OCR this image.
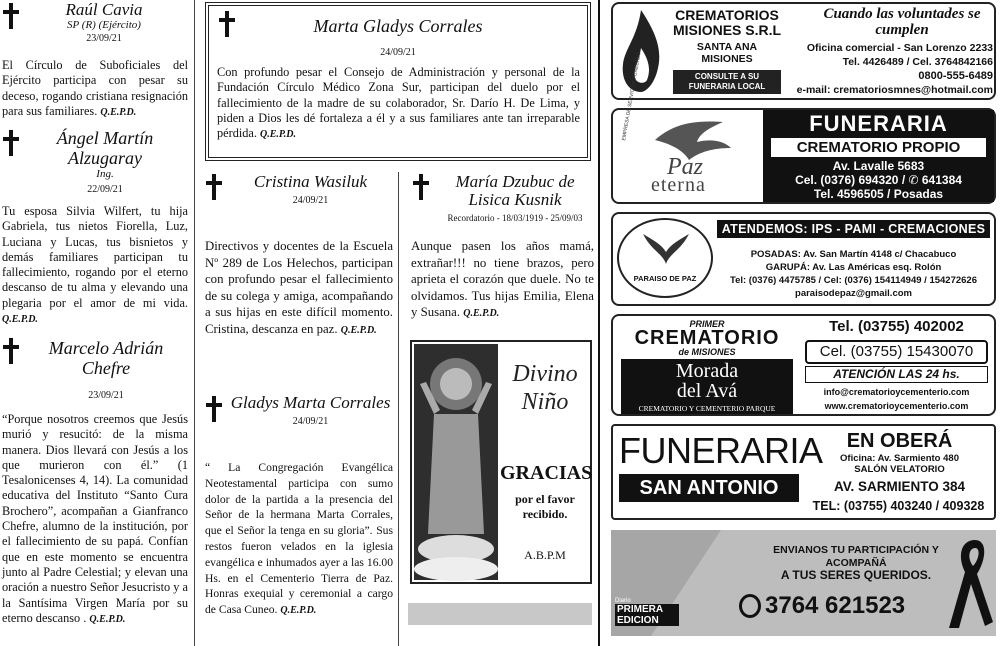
Raúl Cavia
SP (R) (Ejército)
23/09/21
El Círculo de Suboficiales del Ejército participa con pesar su deceso, rogando cristiana resignación para sus familiares. Q.E.P.D.
Ángel Martín Alzugaray
Ing.
22/09/21
Tu esposa Silvia Wilfert, tu hija Gabriela, tus nietos Fiorella, Luz, Luciana y Lucas, tus bisnietos y demás familiares participan tu fallecimiento, rogando por el eterno descanso de tu alma y elevando una plegaria por el amor de mi vida. Q.E.P.D.
Marcelo Adrián Chefre
23/09/21
“Porque nosotros creemos que Jesús murió y resucitó: de la misma manera. Dios llevará con Jesús a los que murieron con él.” (1 Tesalonicenses 4, 14). La comunidad educativa del Instituto “Santo Cura Brochero”, acompañan a Gianfranco Chefre, alumno de la institución, por el fallecimiento de su papá. Confían que en este momento se encuentra junto al Padre Celestial; y elevan una oración a nuestro Señor Jesucristo y a la Santísima Virgen María por su eterno descanso . Q.E.P.D.
Marta Gladys Corrales
24/09/21
Con profundo pesar el Consejo de Administración y personal de la Fundación Círculo Médico Zona Sur, participan del duelo por el fallecimiento de la madre de su colaborador, Sr. Darío H. De Lima, y piden a Dios les dé fortaleza a él y a sus familiares ante tan irreparable pérdida. Q.E.P.D.
Cristina Wasiluk
24/09/21
Directivos y docentes de la Escuela Nº 289 de Los Helechos, participan con profundo pesar el fallecimiento de su colega y amiga, acompañando a sus hijas en este difícil momento. Cristina, descanza en paz. Q.E.P.D.
Gladys Marta Corrales
24/09/21
“ La Congregación Evangélica Neotestamental participa con sumo dolor de la partida a la presencia del Señor de la hermana Marta Corrales, que el Señor la tenga en su gloria”. Sus restos fueron velados en la iglesia evangélica e inhumados ayer a las 16.00 Hs. en el Cementerio Tierra de Paz. Honras exequial y ceremonial a cargo de Casa Cuneo. Q.E.P.D.
María Dzubuc de Lisica Kusnik
Recordatorio - 18/03/1919 - 25/09/03
Aunque pasen los años mamá, extrañar!!! no tiene brazos, pero aprieta el corazón que duele. No te olvidamos. Tus hijas Emilia, Elena y Susana. Q.E.P.D.
Divino
Niño
GRACIAS
por el favor recibido.
A.B.P.M
CREMATORIOS MISIONES S.R.L
SANTA ANA MISIONES
CONSULTE A SU FUNERARIA LOCAL
Cuando las voluntades se cumplen
Oficina comercial - San Lorenzo 2233
Tel. 4426489 / Cel. 3764842166
0800-555-6489
e-mail: crematoriosmnes@hotmail.com
EMPRESA DE SERVICIOS FUNEBRES
Paz
eterna
FUNERARIA
CREMATORIO PROPIO
Av. Lavalle 5683
Cel. (0376) 694320 / ✆ 641384
Tel. 4596505 / Posadas
PARAISO DE PAZ
ATENDEMOS: IPS - PAMI - CREMACIONES
POSADAS: Av. San Martín 4148 c/ Chacabuco
GARUPÁ: Av. Las Américas esq. Rolón
Tel: (0376) 4475785 / Cel: (0376) 154114949 / 154272626
paraisodepaz@gmail.com
PRIMER
CREMATORIO
de MISIONES
Morada
del Avá
CREMATORIO Y CEMENTERIO PARQUE
Tel. (03755) 402002
Cel. (03755) 15430070
ATENCIÓN LAS 24 hs.
info@crematorioycementerio.com
www.crematorioycementerio.com
FUNERARIA
SAN ANTONIO
EN OBERÁ
Oficina: Av. Sarmiento 480
SALÓN VELATORIO
AV. SARMIENTO 384
TEL: (03755) 403240 / 409328
ENVIANOS TU PARTICIPACIÓN Y ACOMPAÑÁ
A TUS SERES QUERIDOS.
3764 621523
Diario
PRIMERA
EDICION
